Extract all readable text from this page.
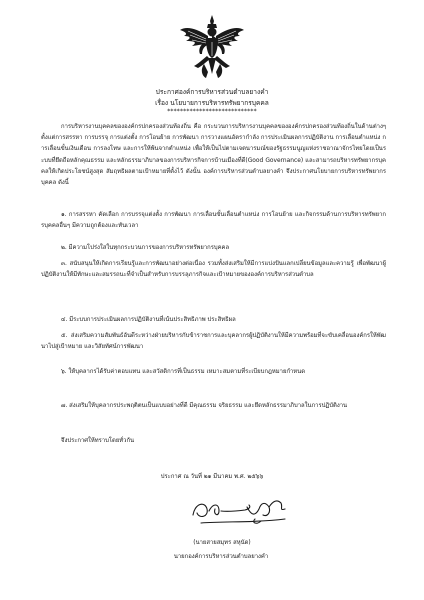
ประกาศองค์การบริหารส่วนตำบลยางคำ
เรื่อง นโยบายการบริหารทรัพยากรบุคคล
****************************
การบริหารงานบุคคลขององค์กรปกครองส่วนท้องถิ่น คือ กระบวนการบริหารงานบุคคลขององค์กรปกครองส่วนท้องถิ่นในด้านต่างๆ ตั้งแต่การสรรหา การบรรจุ การแต่งตั้ง การโอนย้าย การพัฒนา การวางแผนอัตรากำลัง การประเมินผลการปฏิบัติงาน การเลื่อนตำแหน่ง การเลื่อนขั้นเงินเดือน การลงโทษ และการให้พ้นจากตำแหน่ง เพื่อให้เป็นไปตามเจตนารมณ์ของรัฐธรรมนูญแห่งราชอาณาจักรไทยโดยเป็นระบบที่ยึดถือหลักคุณธรรม และหลักธรรมาภิบาลของการบริหารกิจการบ้านเมืองที่ดี(Good Governance) และสามารถบริหารทรัพยากรบุคคลให้เกิดประโยชน์สูงสุด สัมฤทธิผลตามเป้าหมายที่ตั้งไว้ ดังนั้น องค์การบริหารส่วนตำบลยางคำ จึงประกาศนโยบายการบริหารทรัพยากรบุคคล ดังนี้
๑. การสรรหา คัดเลือก การบรรจุแต่งตั้ง การพัฒนา การเลื่อนขั้นเลื่อนตำแหน่ง การโอนย้าย และกิจกรรมด้านการบริหารทรัพยากรบุคคลอื่นๆ มีความถูกต้องและทันเวลา
๒. มีความโปร่งใสในทุกกระบวนการของการบริหารทรัพยากรบุคคล
๓. สนับสนุนให้เกิดการเรียนรู้และการพัฒนาอย่างต่อเนื่อง รวมทั้งส่งเสริมให้มีการแบ่งปันแลกเปลี่ยนข้อมูลและความรู้ เพื่อพัฒนาผู้ปฏิบัติงานให้มีทักษะและสมรรถนะที่จำเป็นสำหรับการบรรลุภารกิจและเป้าหมายขององค์การบริหารส่วนตำบล
๔. มีระบบการประเมินผลการปฏิบัติงานที่เน้นประสิทธิภาพ ประสิทธิผล
๕. ส่งเสริมความสัมพันธ์อันดีระหว่างฝ่ายบริหารกับข้าราชการและบุคลากรผู้ปฏิบัติงานให้มีความพร้อมที่จะขับเคลื่อนองค์กรให้พัฒนาไปสู่เป้าหมาย และวิสัยทัศน์การพัฒนา
๖. ให้บุคลากรได้รับค่าตอบแทน และสวัสดิการที่เป็นธรรม เหมาะสมตามที่ระเบียบกฎหมายกำหนด
๗. ส่งเสริมให้บุคลากรประพฤติตนเป็นแบบอย่างที่ดี มีคุณธรรม จริยธรรม และยึดหลักธรรมาภิบาลในการปฏิบัติงาน
จึงประกาศให้ทราบโดยทั่วกัน
ประกาศ ณ วันที่ ๒๑ มีนาคม พ.ศ. ๒๕๖๖
(นายสายสมุทร สหุนัด)
นายกองค์การบริหารส่วนตำบลยางคำ
